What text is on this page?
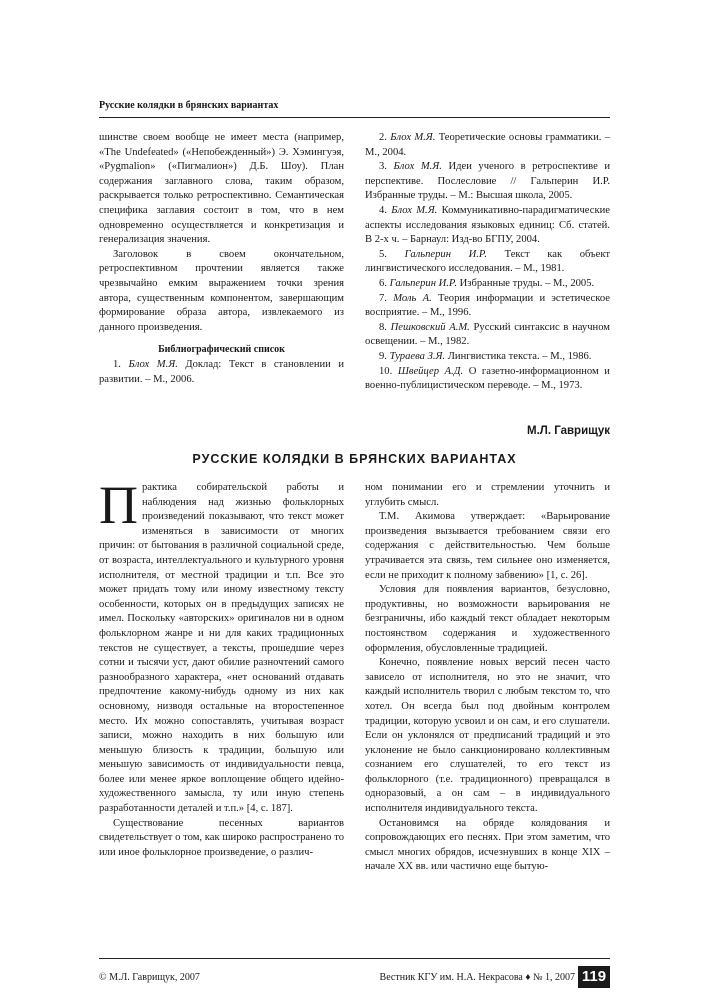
Русские колядки в брянских вариантах

шинстве своем вообще не имеет места (например, «The Undefeated» («Непобежденный») Э. Хэмингуэя, «Pygmalion» («Пигмалион») Д.Б. Шоу). План содержания заглавного слова, таким образом, раскрывается только ретроспективно. Семантическая специфика заглавия состоит в том, что в нем одновременно осуществляется и конкретизация и генерализация значения.

Заголовок в своем окончательном, ретроспективном прочтении является также чрезвычайно емким выражением точки зрения автора, существенным компонентом, завершающим формирование образа автора, извлекаемого из данного произведения.

Библиографический список

1. Блох М.Я. Доклад: Текст в становлении и развитии. – М., 2006.

2. Блох М.Я. Теоретические основы грамматики. – М., 2004.

3. Блох М.Я. Идеи ученого в ретроспективе и перспективе. Послесловие // Гальперин И.Р. Избранные труды. – М.: Высшая школа, 2005.

4. Блох М.Я. Коммуникативно-парадигматические аспекты исследования языковых единиц: Сб. статей. В 2-х ч. – Барнаул: Изд-во БГПУ, 2004.

5. Гальперин И.Р. Текст как объект лингвистического исследования. – М., 1981.

6. Гальперин И.Р. Избранные труды. – М., 2005.

7. Моль А. Теория информации и эстетическое восприятие. – М., 1996.

8. Пешковский А.М. Русский синтаксис в научном освещении. – М., 1982.

9. Тураева З.Я. Лингвистика текста. – М., 1986.

10. Швейцер А.Д. О газетно-информационном и военно-публицистическом переводе. – М., 1973.

М.Л. Гаврищук
РУССКИЕ КОЛЯДКИ В БРЯНСКИХ ВАРИАНТАХ

Практика собирательской работы и наблюдения над жизнью фольклорных произведений показывают, что текст может изменяться в зависимости от многих причин: от бытования в различной социальной среде, от возраста, интеллектуального и культурного уровня исполнителя, от местной традиции и т.п. Все это может придать тому или иному известному тексту особенности, которых он в предыдущих записях не имел. Поскольку «авторских» оригиналов ни в одном фольклорном жанре и ни для каких традиционных текстов не существует, а тексты, прошедшие через сотни и тысячи уст, дают обилие разночтений самого разнообразного характера, «нет оснований отдавать предпочтение какому-нибудь одному из них как основному, низводя остальные на второстепенное место. Их можно сопоставлять, учитывая возраст записи, можно находить в них большую или меньшую близость к традиции, большую или меньшую зависимость от индивидуальности певца, более или менее яркое воплощение общего идейно-художественного замысла, ту или иную степень разработанности деталей и т.п.» [4, с. 187].

Существование песенных вариантов свидетельствует о том, как широко распространено то или иное фольклорное произведение, о различ-

ном понимании его и стремлении уточнить и углубить смысл.

Т.М. Акимова утверждает: «Варьирование произведения вызывается требованием связи его содержания с действительностью. Чем больше утрачивается эта связь, тем сильнее оно изменяется, если не приходит к полному забвению» [1, с. 26].

Условия для появления вариантов, безусловно, продуктивны, но возможности варьирования не безграничны, ибо каждый текст обладает некоторым постоянством содержания и художественного оформления, обусловленные традицией.

Конечно, появление новых версий песен часто зависело от исполнителя, но это не значит, что каждый исполнитель творил с любым текстом то, что хотел. Он всегда был под двойным контролем традиции, которую усвоил и он сам, и его слушатели. Если он уклонялся от предписаний традиций и это уклонение не было санкционировано коллективным сознанием его слушателей, то его текст из фольклорного (т.е. традиционного) превращался в одноразовый, а он сам – в индивидуального исполнителя индивидуального текста.

Остановимся на обряде колядования и сопровождающих его песнях. При этом заметим, что смысл многих обрядов, исчезнувших в конце XIX – начале XX вв. или частично еще бытую-

© М.Л. Гаврищук, 2007	Вестник КГУ им. Н.А. Некрасова ♦ № 1, 2007 119
